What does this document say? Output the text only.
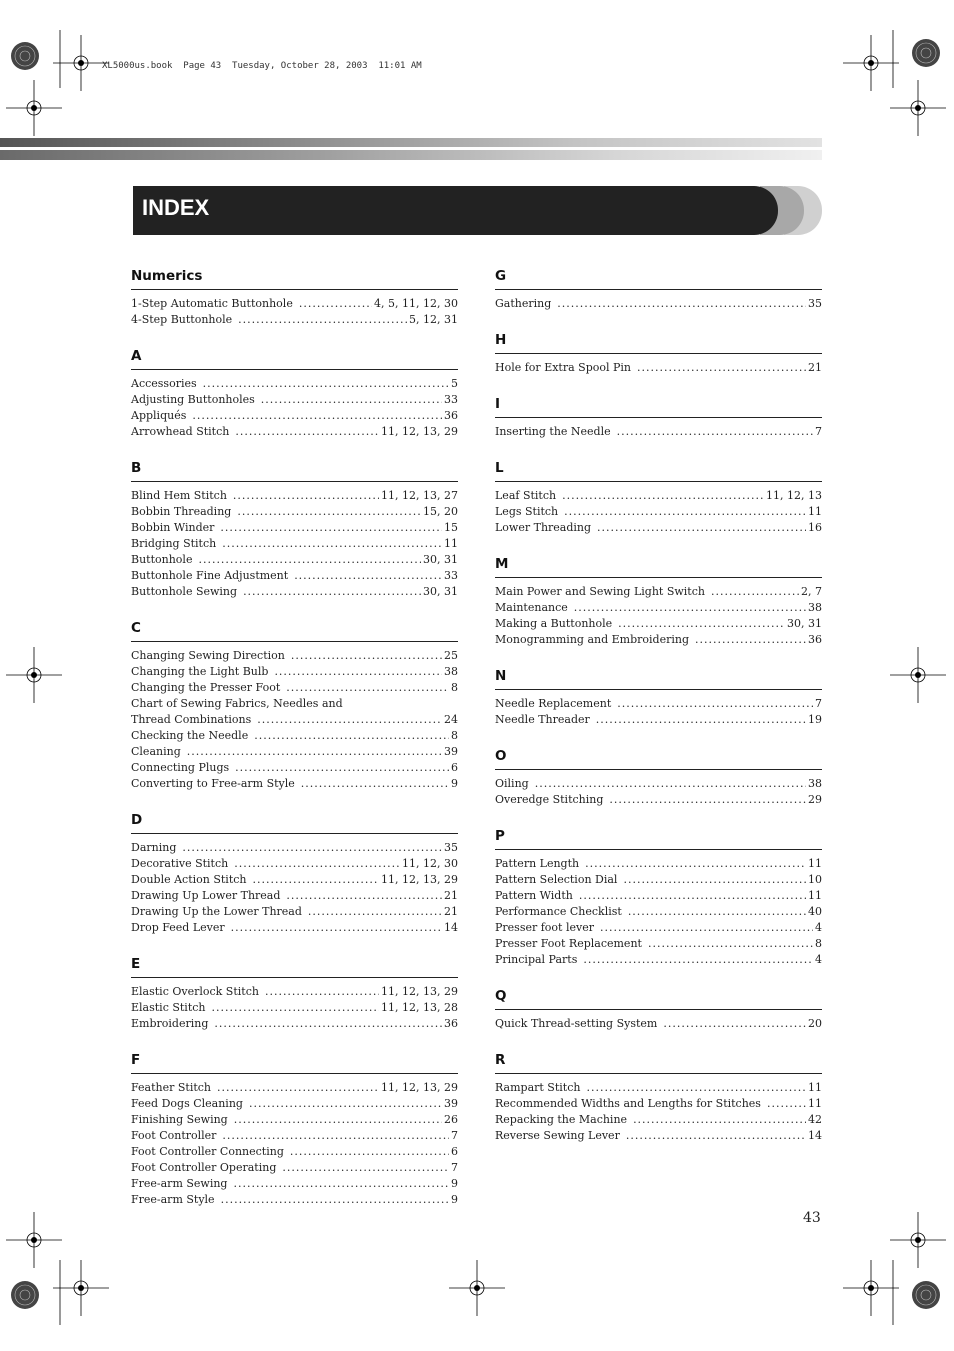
XL5000us.book  Page 43  Tuesday, October 28, 2003  11:01 AM
INDEX
Numerics
1-Step Automatic Buttonhole .....	4, 5, 11, 12, 30
4-Step Buttonhole .....	5, 12, 31
A
Accessories .....	5
Adjusting Buttonholes .....	33
Appliqués .....	36
Arrowhead Stitch .....	11, 12, 13, 29
B
Blind Hem Stitch .....	11, 12, 13, 27
Bobbin Threading .....	15, 20
Bobbin Winder .....	15
Bridging Stitch .....	11
Buttonhole .....	30, 31
Buttonhole Fine Adjustment .....	33
Buttonhole Sewing .....	30, 31
C
Changing Sewing Direction .....	25
Changing the Light Bulb .....	38
Changing the Presser Foot .....	8
Chart of Sewing Fabrics, Needles and
Thread Combinations .....	24
Checking the Needle .....	8
Cleaning .....	39
Connecting Plugs .....	6
Converting to Free-arm Style .....	9
D
Darning .....	35
Decorative Stitch .....	11, 12, 30
Double Action Stitch .....	11, 12, 13, 29
Drawing Up Lower Thread .....	21
Drawing Up the Lower Thread .....	21
Drop Feed Lever .....	14
E
Elastic Overlock Stitch .....	11, 12, 13, 29
Elastic Stitch .....	11, 12, 13, 28
Embroidering .....	36
F
Feather Stitch .....	11, 12, 13, 29
Feed Dogs Cleaning .....	39
Finishing Sewing .....	26
Foot Controller .....	7
Foot Controller Connecting .....	6
Foot Controller Operating .....	7
Free-arm Sewing .....	9
Free-arm Style .....	9
G
Gathering .....	35
H
Hole for Extra Spool Pin .....	21
I
Inserting the Needle .....	7
L
Leaf Stitch .....	11, 12, 13
Legs Stitch .....	11
Lower Threading .....	16
M
Main Power and Sewing Light Switch .....	2, 7
Maintenance .....	38
Making a Buttonhole .....	30, 31
Monogramming and Embroidering .....	36
N
Needle Replacement .....	7
Needle Threader .....	19
O
Oiling .....	38
Overedge Stitching .....	29
P
Pattern Length .....	11
Pattern Selection Dial .....	10
Pattern Width .....	11
Performance Checklist .....	40
Presser foot lever .....	4
Presser Foot Replacement .....	8
Principal Parts .....	4
Q
Quick Thread-setting System .....	20
R
Rampart Stitch .....	11
Recommended Widths and Lengths for Stitches .....	11
Repacking the Machine .....	42
Reverse Sewing Lever .....	14
43
